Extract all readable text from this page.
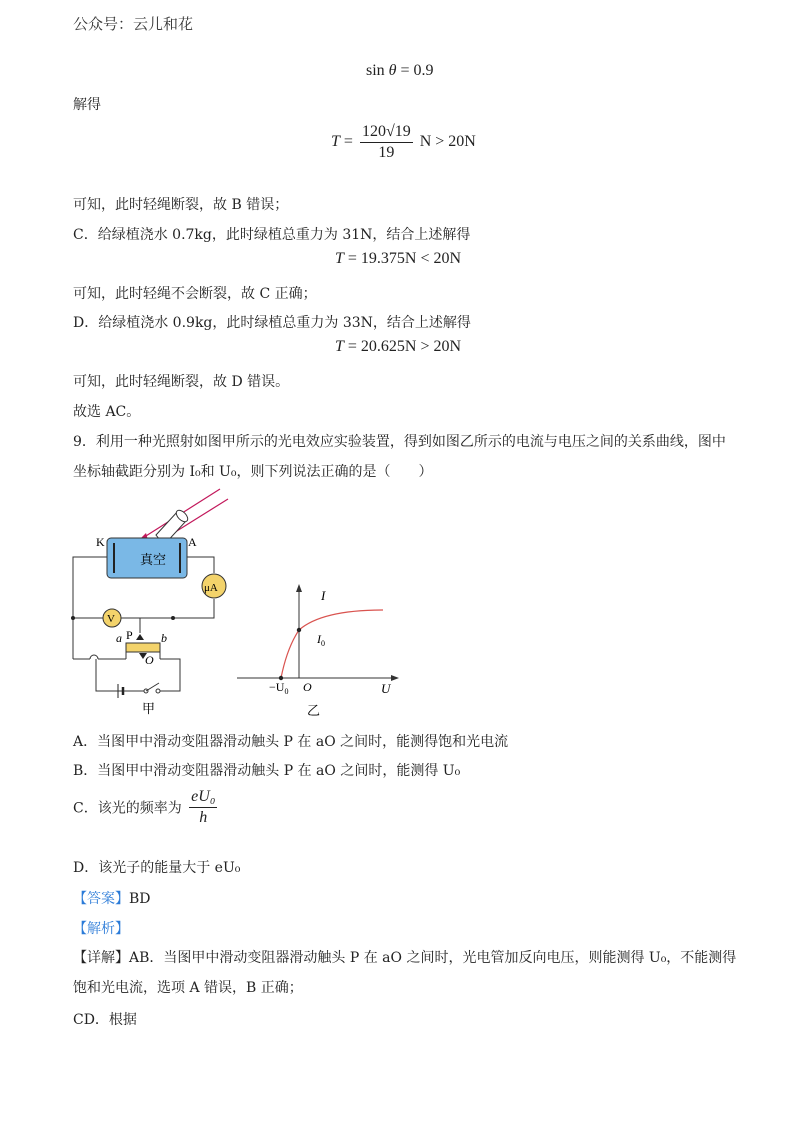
公众号：云儿和花
sin θ = 0.9
解得
$T = \frac{120√19}{19}$ N > 20N
可知，此时轻绳断裂，故 B 错误；
C．给绿植浇水 0.7kg，此时绿植总重力为 31N，结合上述解得
T = 19.375N < 20N
可知，此时轻绳不会断裂，故 C 正确；
D．给绿植浇水 0.9kg，此时绿植总重力为 33N，结合上述解得
T = 20.625N > 20N
可知，此时轻绳断裂，故 D 错误。
故选 AC。
9．利用一种光照射如图甲所示的光电效应实验装置，得到如图乙所示的电流与电压之间的关系曲线，图中
坐标轴截距分别为 I₀和 U₀，则下列说法正确的是（　　）
真空
K	A
μA
V
a P b
O
甲
I
$I_0$
U
O
$-U_0$
乙
A．当图甲中滑动变阻器滑动触头 P 在 aO 之间时，能测得饱和光电流
B．当图甲中滑动变阻器滑动触头 P 在 aO 之间时，能测得 U₀
C．该光的频率为 $\frac{\text{eU₀}}{h}$
D．该光子的能量大于 eU₀
【答案】BD
【解析】
【详解】AB．当图甲中滑动变阻器滑动触头 P 在 aO 之间时，光电管加反向电压，则能测得 U₀，不能测得
饱和光电流，选项 A 错误，B 正确；
CD．根据
